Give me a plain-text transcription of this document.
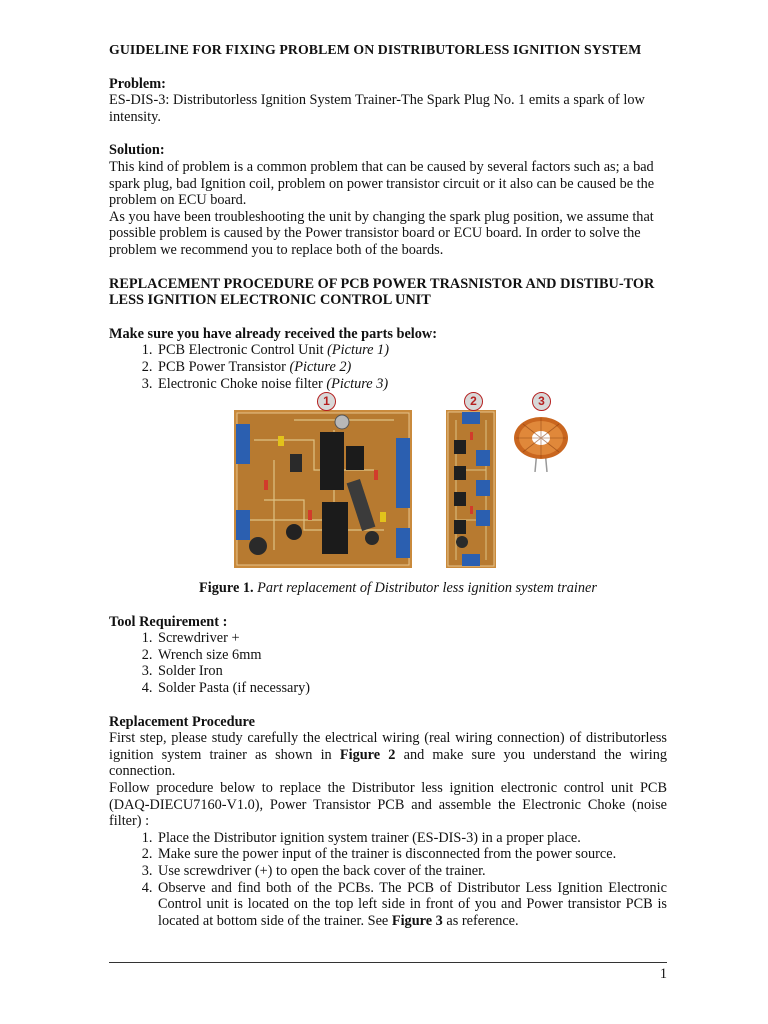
GUIDELINE FOR FIXING PROBLEM ON DISTRIBUTORLESS IGNITION SYSTEM

Problem:

ES-DIS-3: Distributorless Ignition System Trainer-The Spark Plug No. 1 emits a spark of low intensity.

Solution:

This kind of problem is a common problem that can be caused by several factors such as; a bad spark plug, bad Ignition coil, problem on power transistor circuit or it also can be caused be the problem on ECU board.

As you have been troubleshooting the unit by changing the spark plug position, we assume that possible problem is caused by the Power transistor board or ECU board. In order to solve the problem we recommend you to replace both of the boards.

REPLACEMENT PROCEDURE OF PCB POWER TRASNISTOR AND DISTIBU-TOR LESS IGNITION ELECTRONIC CONTROL UNIT

Make sure you have already received the parts below:

1. PCB Electronic Control Unit (Picture 1)
2. PCB Power Transistor (Picture 2)
3. Electronic Choke noise filter (Picture 3)
1	2	3

Figure 1. Part replacement of Distributor less ignition system trainer

Tool Requirement :

1. Screwdriver +
2. Wrench size 6mm
3. Solder Iron
4. Solder Pasta (if necessary)

Replacement Procedure

First step, please study carefully the electrical wiring (real wiring connection) of distributorless ignition system trainer as shown in Figure 2 and make sure you understand the wiring connection.

Follow procedure below to replace the Distributor less ignition electronic control unit PCB (DAQ-DIECU7160-V1.0), Power Transistor PCB and assemble the Electronic Choke (noise filter) :

1. Place the Distributor ignition system trainer (ES-DIS-3) in a proper place.
2. Make sure the power input of the trainer is disconnected from the power source.
3. Use screwdriver (+) to open the back cover of the trainer.
4. Observe and find both of the PCBs. The PCB of Distributor Less Ignition Electronic Control unit is located on the top left side in front of you and Power transistor PCB is located at bottom side of the trainer. See Figure 3 as reference.
1
